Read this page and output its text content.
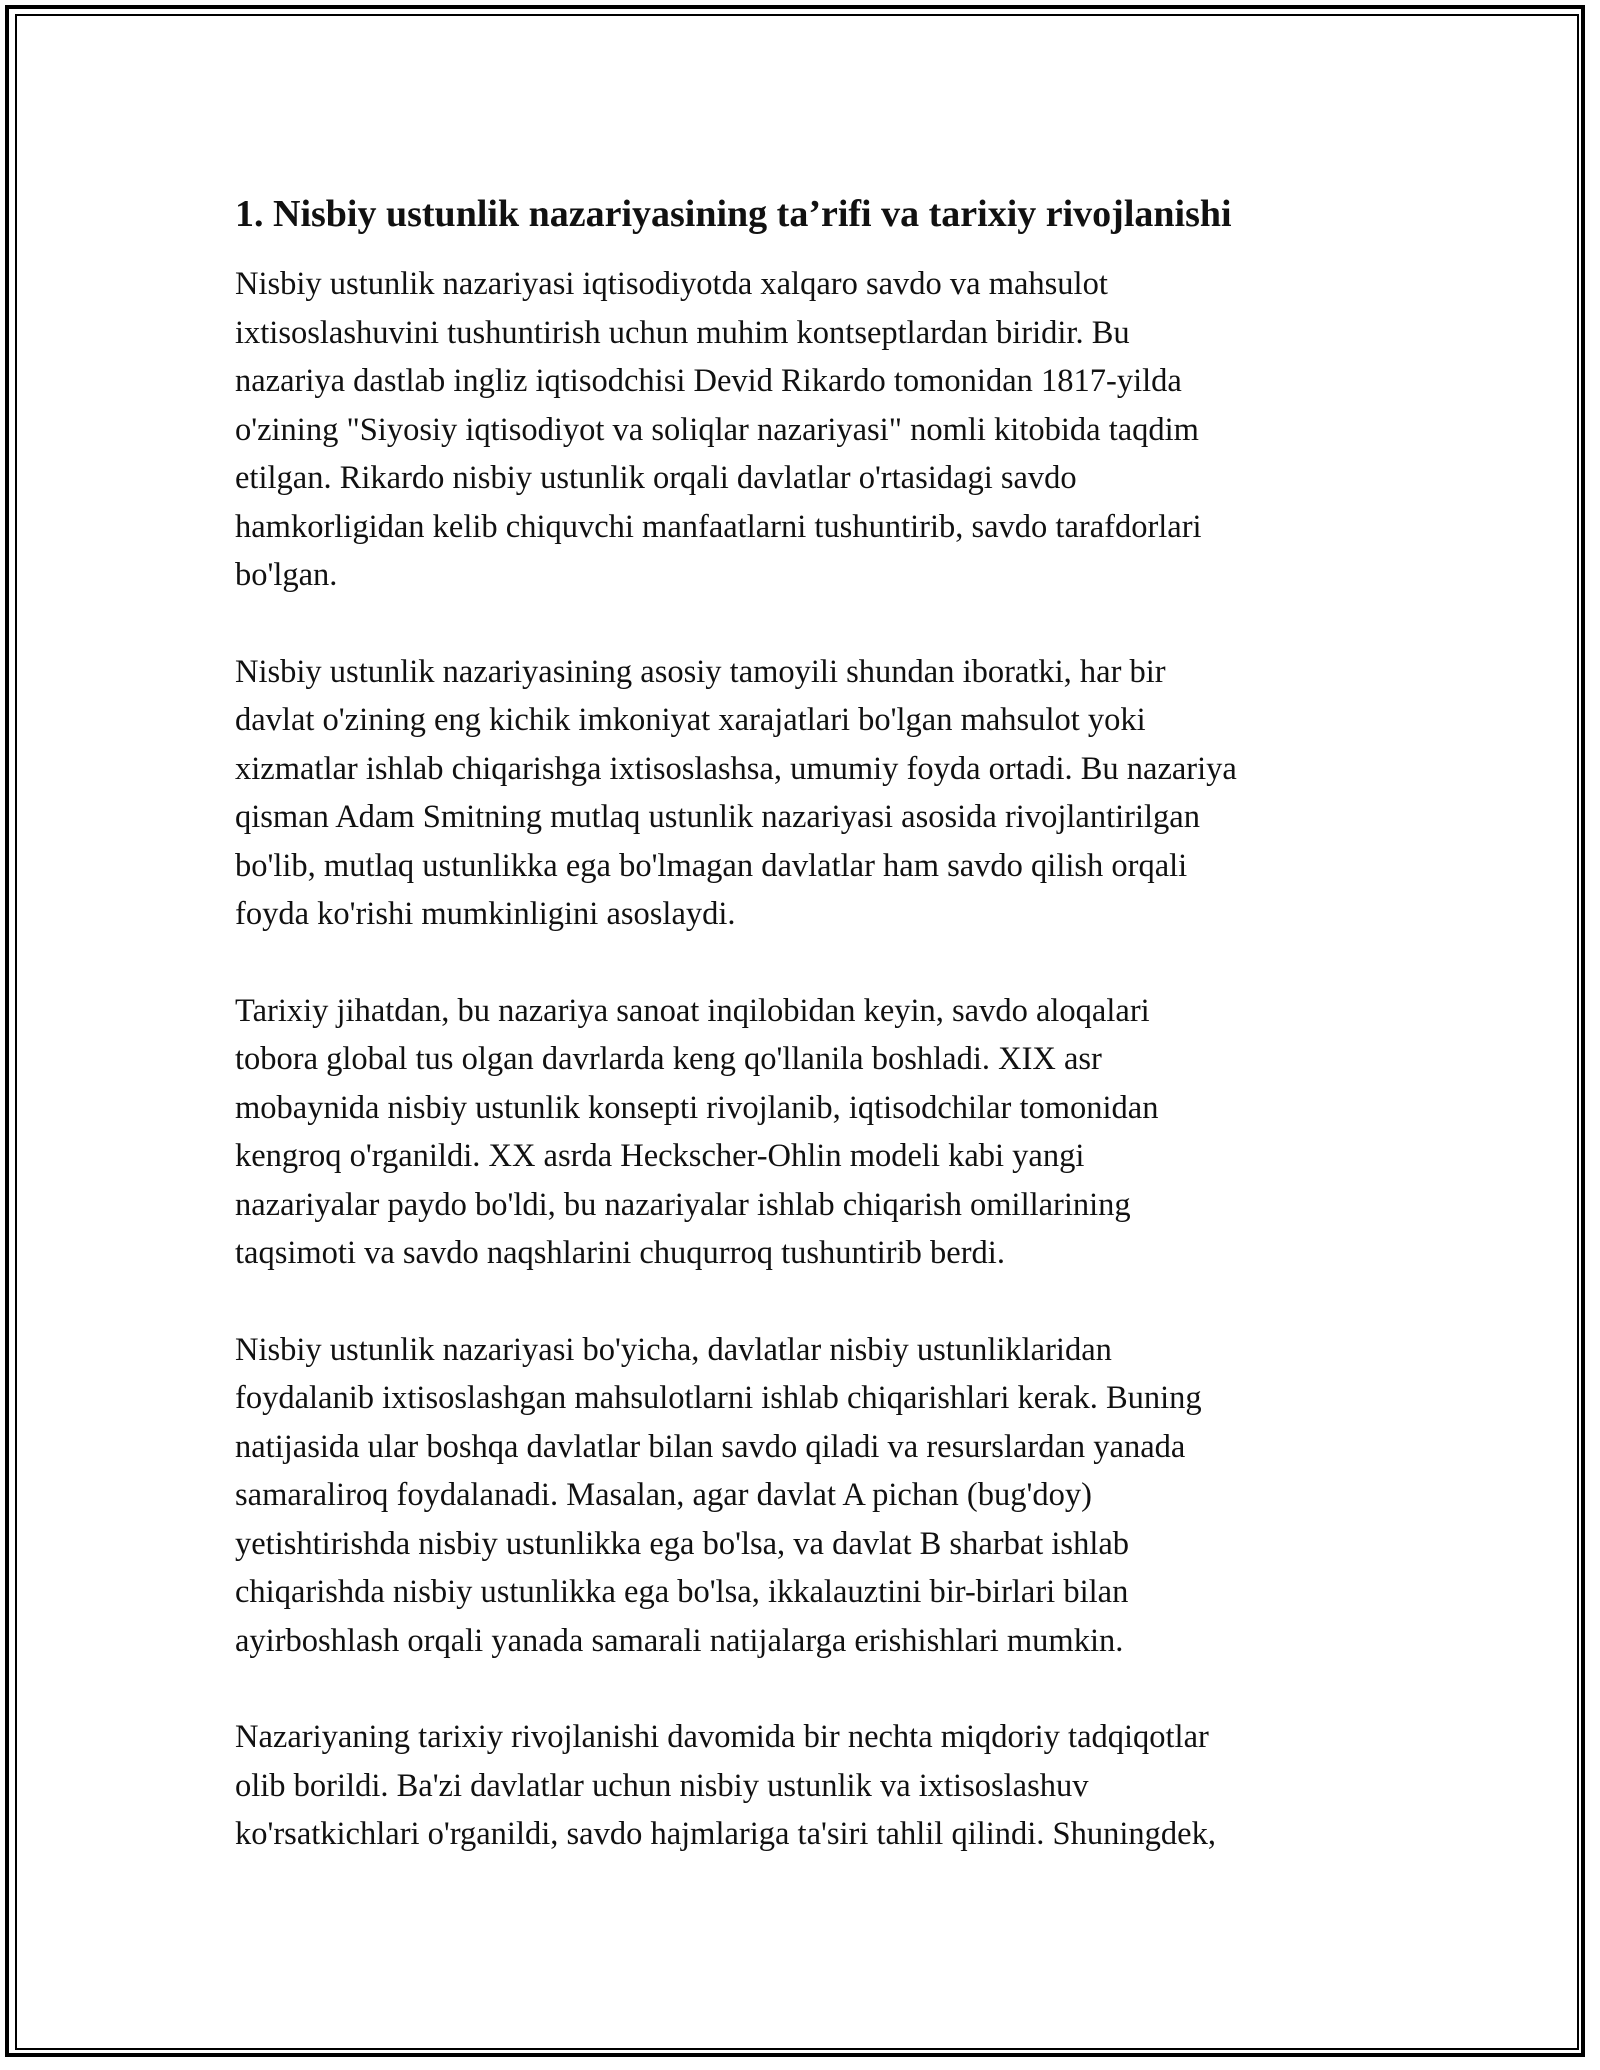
1. Nisbiy ustunlik nazariyasining ta’rifi va tarixiy rivojlanishi
Nisbiy ustunlik nazariyasi iqtisodiyotda xalqaro savdo va mahsulot
ixtisoslashuvini tushuntirish uchun muhim kontseptlardan biridir. Bu
nazariya dastlab ingliz iqtisodchisi Devid Rikardo tomonidan 1817-yilda
o'zining "Siyosiy iqtisodiyot va soliqlar nazariyasi" nomli kitobida taqdim
etilgan. Rikardo nisbiy ustunlik orqali davlatlar o'rtasidagi savdo
hamkorligidan kelib chiquvchi manfaatlarni tushuntirib, savdo tarafdorlari
bo'lgan.
Nisbiy ustunlik nazariyasining asosiy tamoyili shundan iboratki, har bir
davlat o'zining eng kichik imkoniyat xarajatlari bo'lgan mahsulot yoki
xizmatlar ishlab chiqarishga ixtisoslashsa, umumiy foyda ortadi. Bu nazariya
qisman Adam Smitning mutlaq ustunlik nazariyasi asosida rivojlantirilgan
bo'lib, mutlaq ustunlikka ega bo'lmagan davlatlar ham savdo qilish orqali
foyda ko'rishi mumkinligini asoslaydi.
Tarixiy jihatdan, bu nazariya sanoat inqilobidan keyin, savdo aloqalari
tobora global tus olgan davrlarda keng qo'llanila boshladi. XIX asr
mobaynida nisbiy ustunlik konsepti rivojlanib, iqtisodchilar tomonidan
kengroq o'rganildi. XX asrda Heckscher-Ohlin modeli kabi yangi
nazariyalar paydo bo'ldi, bu nazariyalar ishlab chiqarish omillarining
taqsimoti va savdo naqshlarini chuqurroq tushuntirib berdi.
Nisbiy ustunlik nazariyasi bo'yicha, davlatlar nisbiy ustunliklaridan
foydalanib ixtisoslashgan mahsulotlarni ishlab chiqarishlari kerak. Buning
natijasida ular boshqa davlatlar bilan savdo qiladi va resurslardan yanada
samaraliroq foydalanadi. Masalan, agar davlat A pichan (bug'doy)
yetishtirishda nisbiy ustunlikka ega bo'lsa, va davlat B sharbat ishlab
chiqarishda nisbiy ustunlikka ega bo'lsa, ikkalauztini bir-birlari bilan
ayirboshlash orqali yanada samarali natijalarga erishishlari mumkin.
Nazariyaning tarixiy rivojlanishi davomida bir nechta miqdoriy tadqiqotlar
olib borildi. Ba'zi davlatlar uchun nisbiy ustunlik va ixtisoslashuv
ko'rsatkichlari o'rganildi, savdo hajmlariga ta'siri tahlil qilindi. Shuningdek,
